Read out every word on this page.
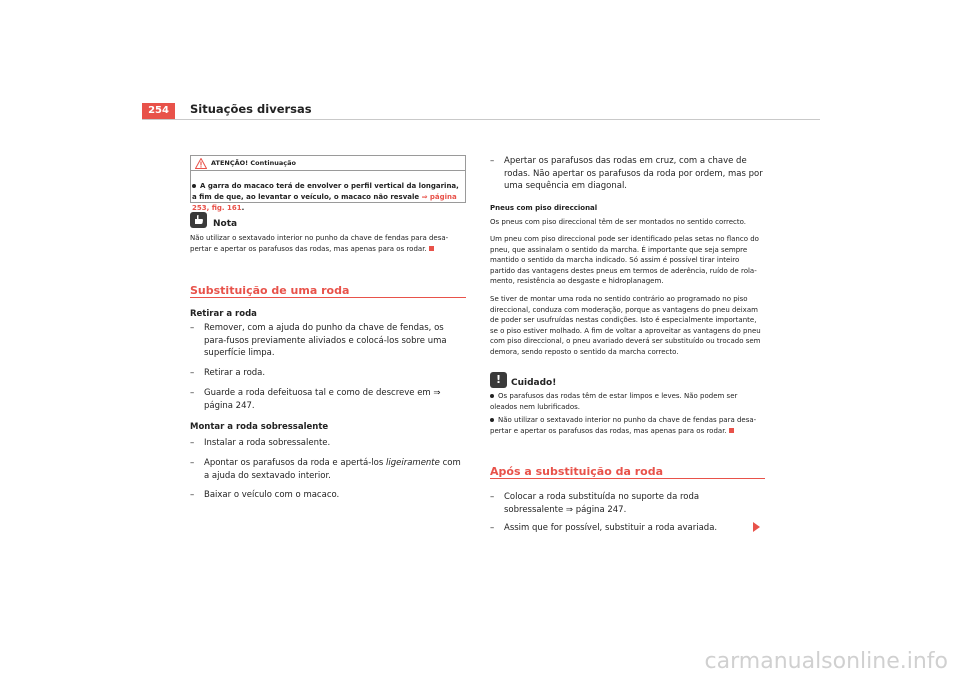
254	Situações diversas
ATENÇÃO! Continuação
A garra do macaco terá de envolver o perfil vertical da longarina, a fim de que, ao levantar o veículo, o macaco não resvale ⇒ página 253, fig. 161.
Nota
Não utilizar o sextavado interior no punho da chave de fendas para desa-pertar e apertar os parafusos das rodas, mas apenas para os rodar.
Substituição de uma roda
Retirar a roda
–	Remover, com a ajuda do punho da chave de fendas, os para-fusos previamente aliviados e colocá-los sobre uma superfície limpa.
–	Retirar a roda.
–	Guarde a roda defeituosa tal e como de descreve em ⇒ página 247.
Montar a roda sobressalente
–	Instalar a roda sobressalente.
–	Apontar os parafusos da roda e apertá-los ligeiramente com a ajuda do sextavado interior.
–	Baixar o veículo com o macaco.
–	Apertar os parafusos das rodas em cruz, com a chave de rodas. Não apertar os parafusos da roda por ordem, mas por uma sequência em diagonal.
Pneus com piso direccional
Os pneus com piso direccional têm de ser montados no sentido correcto.
Um pneu com piso direccional pode ser identificado pelas setas no flanco do pneu, que assinalam o sentido da marcha. É importante que seja sempre mantido o sentido da marcha indicado. Só assim é possível tirar inteiro partido das vantagens destes pneus em termos de aderência, ruído de rola-mento, resistência ao desgaste e hidroplanagem.
Se tiver de montar uma roda no sentido contrário ao programado no piso direccional, conduza com moderação, porque as vantagens do pneu deixam de poder ser usufruídas nestas condições. Isto é especialmente importante, se o piso estiver molhado. A fim de voltar a aproveitar as vantagens do pneu com piso direccional, o pneu avariado deverá ser substituído ou trocado sem demora, sendo reposto o sentido da marcha correcto.
!	Cuidado!
Os parafusos das rodas têm de estar limpos e leves. Não podem ser oleados nem lubrificados.
Não utilizar o sextavado interior no punho da chave de fendas para desa-pertar e apertar os parafusos das rodas, mas apenas para os rodar.
Após a substituição da roda
–	Colocar a roda substituída no suporte da roda sobressalente ⇒ página 247.
–	Assim que for possível, substituir a roda avariada.
carmanualsonline.info
